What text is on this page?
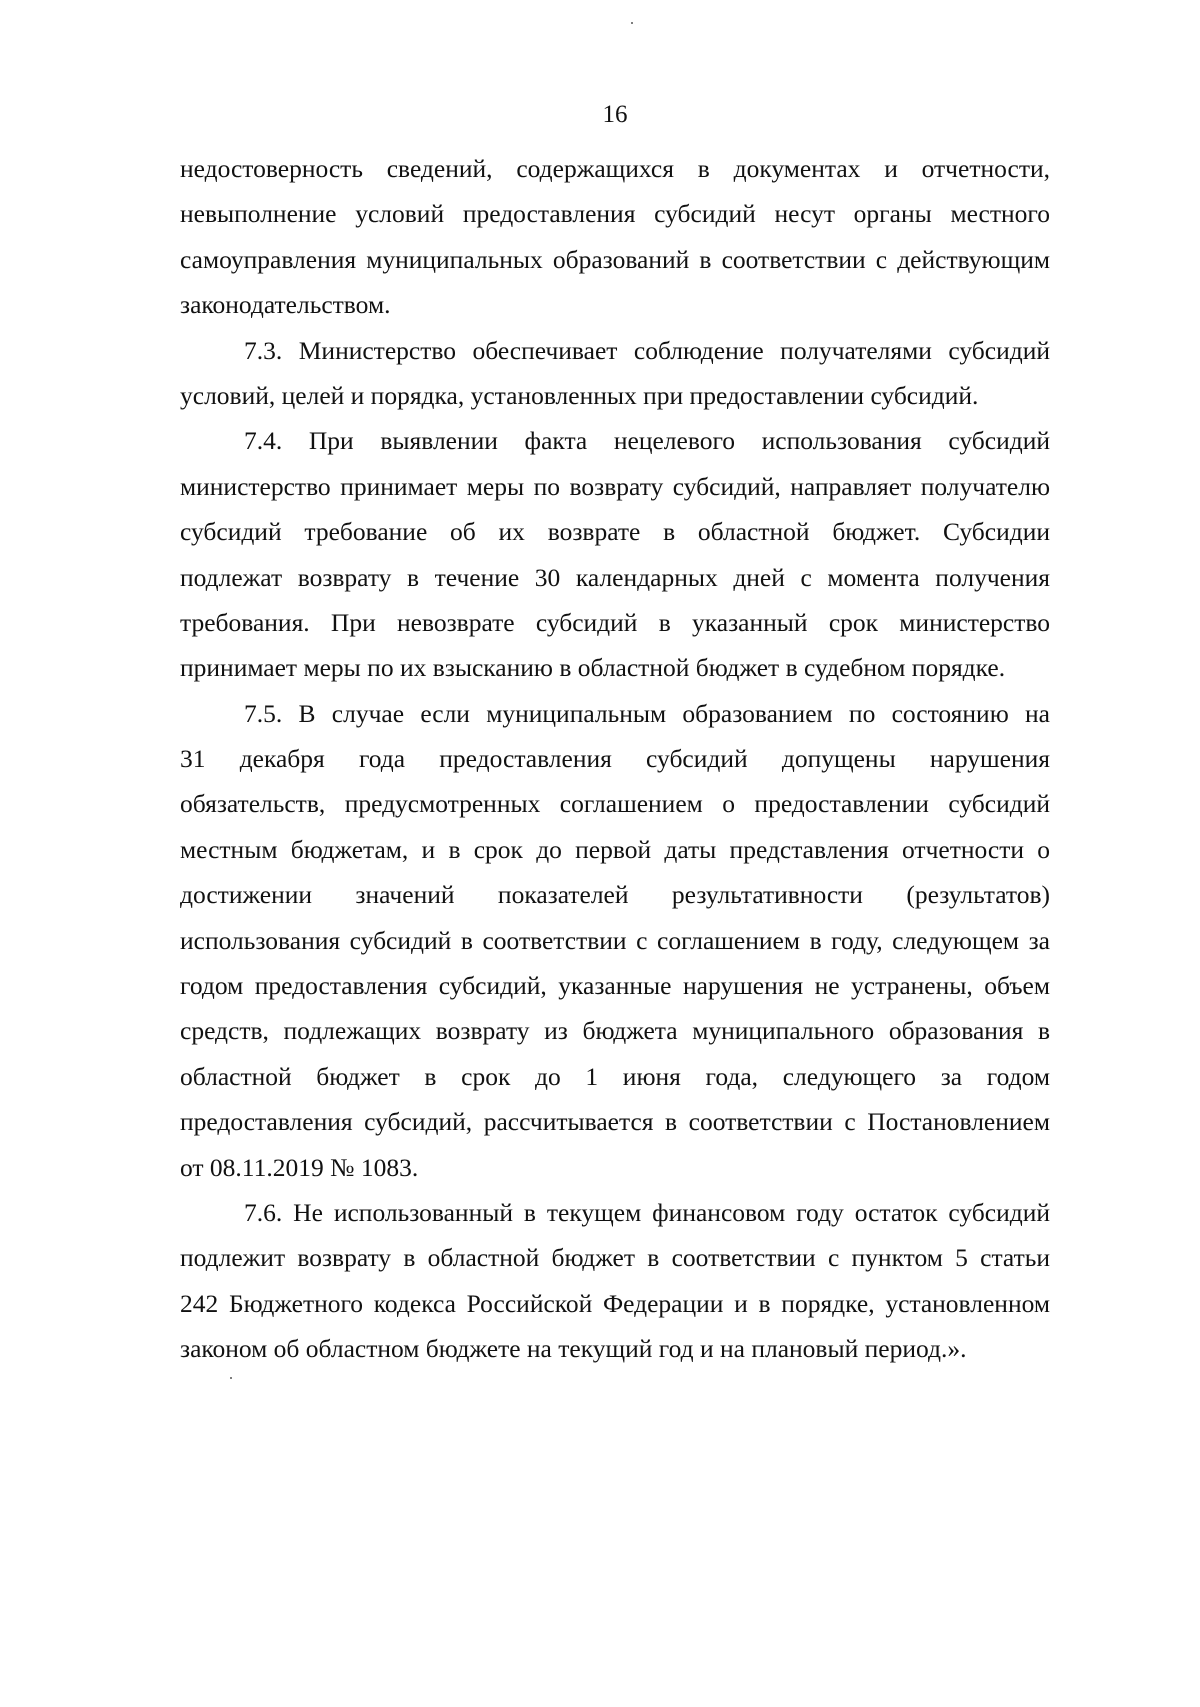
16
недостоверность сведений, содержащихся в документах и отчетности,
невыполнение условий предоставления субсидий несут органы местного
самоуправления муниципальных образований в соответствии с действующим
законодательством.
7.3. Министерство обеспечивает соблюдение получателями субсидий
условий, целей и порядка, установленных при предоставлении субсидий.
7.4. При выявлении факта нецелевого использования субсидий
министерство принимает меры по возврату субсидий, направляет получателю
субсидий требование об их возврате в областной бюджет. Субсидии
подлежат возврату в течение 30 календарных дней с момента получения
требования. При невозврате субсидий в указанный срок министерство
принимает меры по их взысканию в областной бюджет в судебном порядке.
7.5. В случае если муниципальным образованием по состоянию на
31 декабря года предоставления субсидий допущены нарушения
обязательств, предусмотренных соглашением о предоставлении субсидий
местным бюджетам, и в срок до первой даты представления отчетности о
достижении значений показателей результативности (результатов)
использования субсидий в соответствии с соглашением в году, следующем за
годом предоставления субсидий, указанные нарушения не устранены, объем
средств, подлежащих возврату из бюджета муниципального образования в
областной бюджет в срок до 1 июня года, следующего за годом
предоставления субсидий, рассчитывается в соответствии с Постановлением
от 08.11.2019 № 1083.
7.6. Не использованный в текущем финансовом году остаток субсидий
подлежит возврату в областной бюджет в соответствии с пунктом 5 статьи
242 Бюджетного кодекса Российской Федерации и в порядке, установленном
законом об областном бюджете на текущий год и на плановый период.».
